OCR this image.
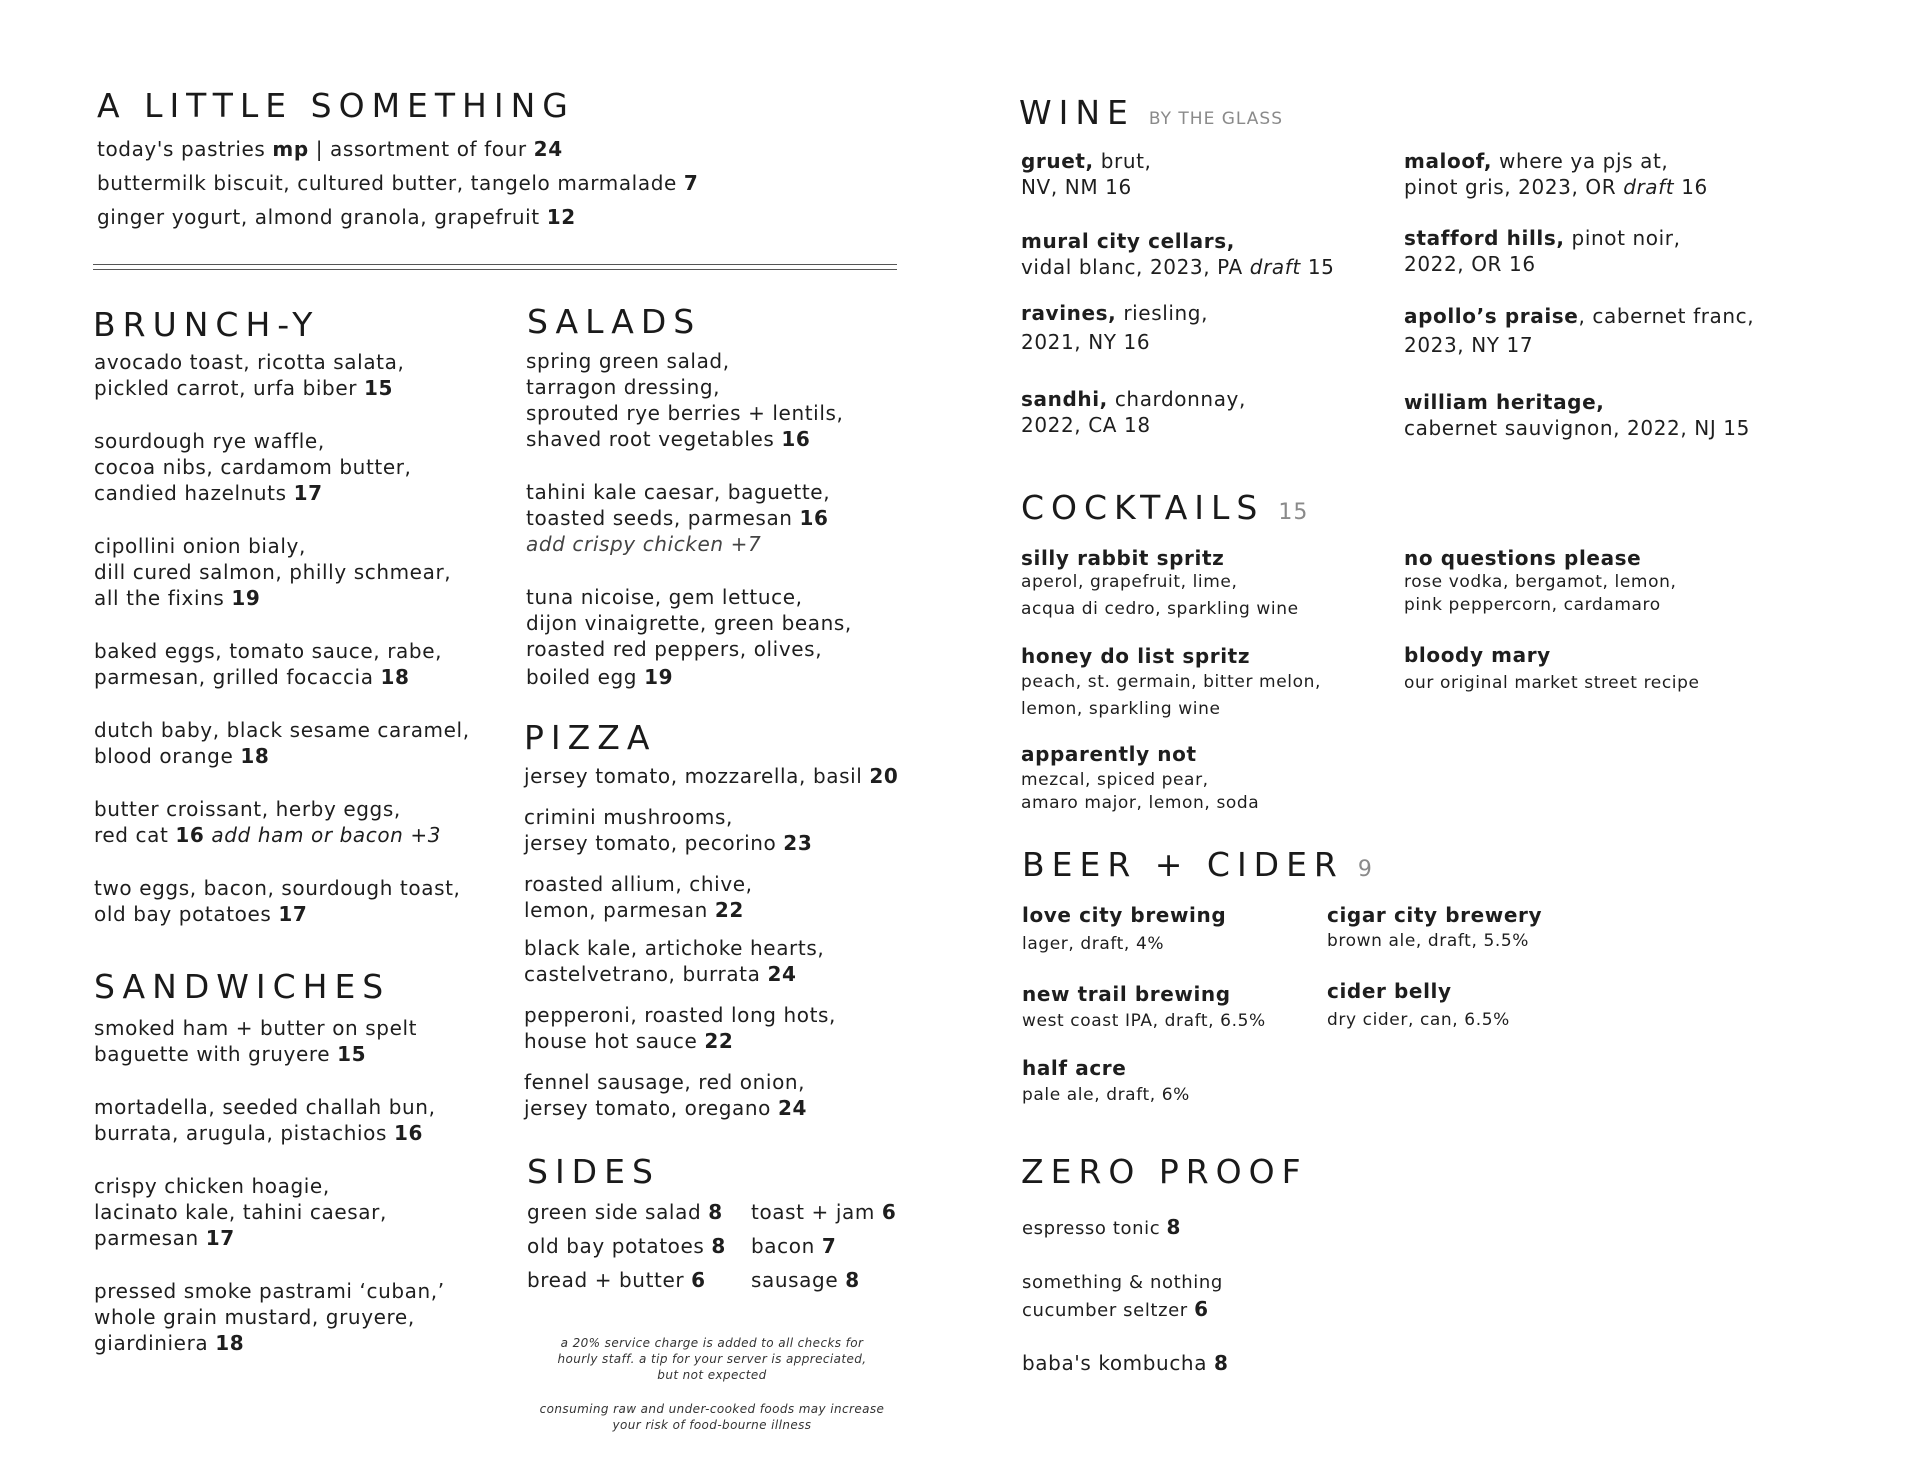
A LITTLE SOMETHING
today's pastries mp | assortment of four 24
buttermilk biscuit, cultured butter, tangelo marmalade 7
ginger yogurt, almond granola, grapefruit 12
BRUNCH-Y
avocado toast, ricotta salata,
pickled carrot, urfa biber 15
sourdough rye waffle,
cocoa nibs, cardamom butter,
candied hazelnuts 17
cipollini onion bialy,
dill cured salmon, philly schmear,
all the fixins 19
baked eggs, tomato sauce, rabe,
parmesan, grilled focaccia 18
dutch baby, black sesame caramel,
blood orange 18
butter croissant, herby eggs,
red cat 16 add ham or bacon +3
two eggs, bacon, sourdough toast,
old bay potatoes 17
SANDWICHES
smoked ham + butter on spelt
baguette with gruyere 15
mortadella, seeded challah bun,
burrata, arugula, pistachios 16
crispy chicken hoagie,
lacinato kale, tahini caesar,
parmesan 17
pressed smoke pastrami ‘cuban,’
whole grain mustard, gruyere,
giardiniera 18
SALADS
spring green salad,
tarragon dressing,
sprouted rye berries + lentils,
shaved root vegetables 16
tahini kale caesar, baguette,
toasted seeds, parmesan 16
add crispy chicken +7
tuna nicoise, gem lettuce,
dijon vinaigrette, green beans,
roasted red peppers, olives,
boiled egg 19
PIZZA
jersey tomato, mozzarella, basil 20
crimini mushrooms,
jersey tomato, pecorino 23
roasted allium, chive,
lemon, parmesan 22
black kale, artichoke hearts,
castelvetrano, burrata 24
pepperoni, roasted long hots,
house hot sauce 22
fennel sausage, red onion,
jersey tomato, oregano 24
SIDES
green side salad 8 toast + jam 6
old bay potatoes 8 bacon 7
bread + butter 6 sausage 8
a 20% service charge is added to all checks for
hourly staff. a tip for your server is appreciated,
but not expected
consuming raw and under-cooked foods may increase
your risk of food-bourne illness
WINE BY THE GLASS
gruet, brut,
NV, NM 16
mural city cellars,
vidal blanc, 2023, PA draft 15
ravines, riesling,
2021, NY 16
sandhi, chardonnay,
2022, CA 18
maloof, where ya pjs at,
pinot gris, 2023, OR draft 16
stafford hills, pinot noir,
2022, OR 16
apollo’s praise, cabernet franc,
2023, NY 17
william heritage,
cabernet sauvignon, 2022, NJ 15
COCKTAILS 15
silly rabbit spritz
aperol, grapefruit, lime,
acqua di cedro, sparkling wine
honey do list spritz
peach, st. germain, bitter melon,
lemon, sparkling wine
apparently not
mezcal, spiced pear,
amaro major, lemon, soda
no questions please
rose vodka, bergamot, lemon,
pink peppercorn, cardamaro
bloody mary
our original market street recipe
BEER + CIDER 9
love city brewing
lager, draft, 4%
new trail brewing
west coast IPA, draft, 6.5%
half acre
pale ale, draft, 6%
cigar city brewery
brown ale, draft, 5.5%
cider belly
dry cider, can, 6.5%
ZERO PROOF
espresso tonic 8
something & nothing
cucumber seltzer 6
baba's kombucha 8
